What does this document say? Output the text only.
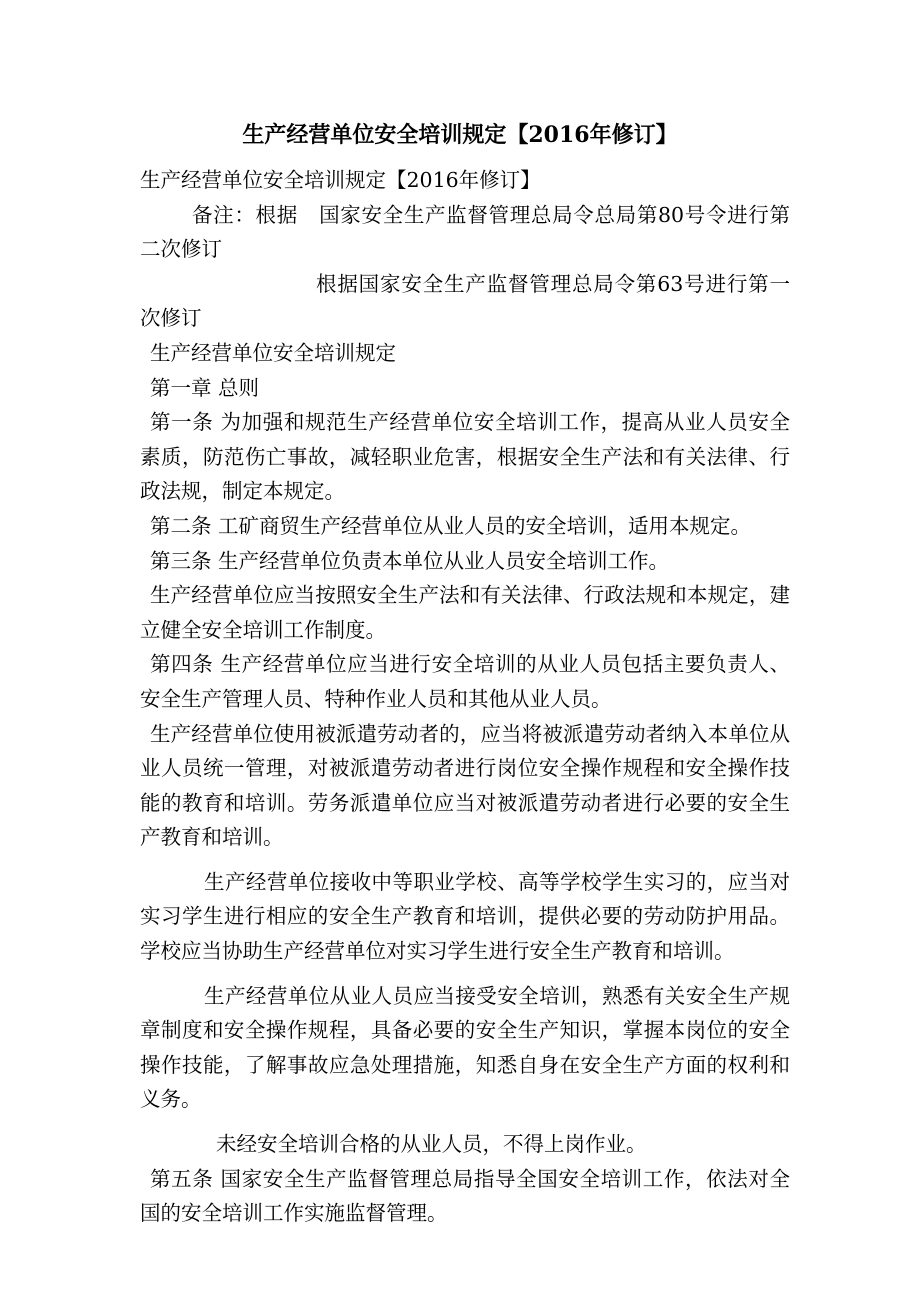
生产经营单位安全培训规定【2016年修订】

生产经营单位安全培训规定【2016年修订】

备注：根据　国家安全生产监督管理总局令总局第80号令进行第二次修订

根据国家安全生产监督管理总局令第63号进行第一次修订

生产经营单位安全培训规定

第一章 总则

第一条 为加强和规范生产经营单位安全培训工作，提高从业人员安全素质，防范伤亡事故，减轻职业危害，根据安全生产法和有关法律、行政法规，制定本规定。

第二条 工矿商贸生产经营单位从业人员的安全培训，适用本规定。

第三条 生产经营单位负责本单位从业人员安全培训工作。

生产经营单位应当按照安全生产法和有关法律、行政法规和本规定，建立健全安全培训工作制度。

第四条 生产经营单位应当进行安全培训的从业人员包括主要负责人、安全生产管理人员、特种作业人员和其他从业人员。

生产经营单位使用被派遣劳动者的，应当将被派遣劳动者纳入本单位从业人员统一管理，对被派遣劳动者进行岗位安全操作规程和安全操作技能的教育和培训。劳务派遣单位应当对被派遣劳动者进行必要的安全生产教育和培训。

生产经营单位接收中等职业学校、高等学校学生实习的，应当对实习学生进行相应的安全生产教育和培训，提供必要的劳动防护用品。学校应当协助生产经营单位对实习学生进行安全生产教育和培训。

生产经营单位从业人员应当接受安全培训，熟悉有关安全生产规章制度和安全操作规程，具备必要的安全生产知识，掌握本岗位的安全操作技能，了解事故应急处理措施，知悉自身在安全生产方面的权利和义务。

未经安全培训合格的从业人员，不得上岗作业。

第五条 国家安全生产监督管理总局指导全国安全培训工作，依法对全国的安全培训工作实施监督管理。
